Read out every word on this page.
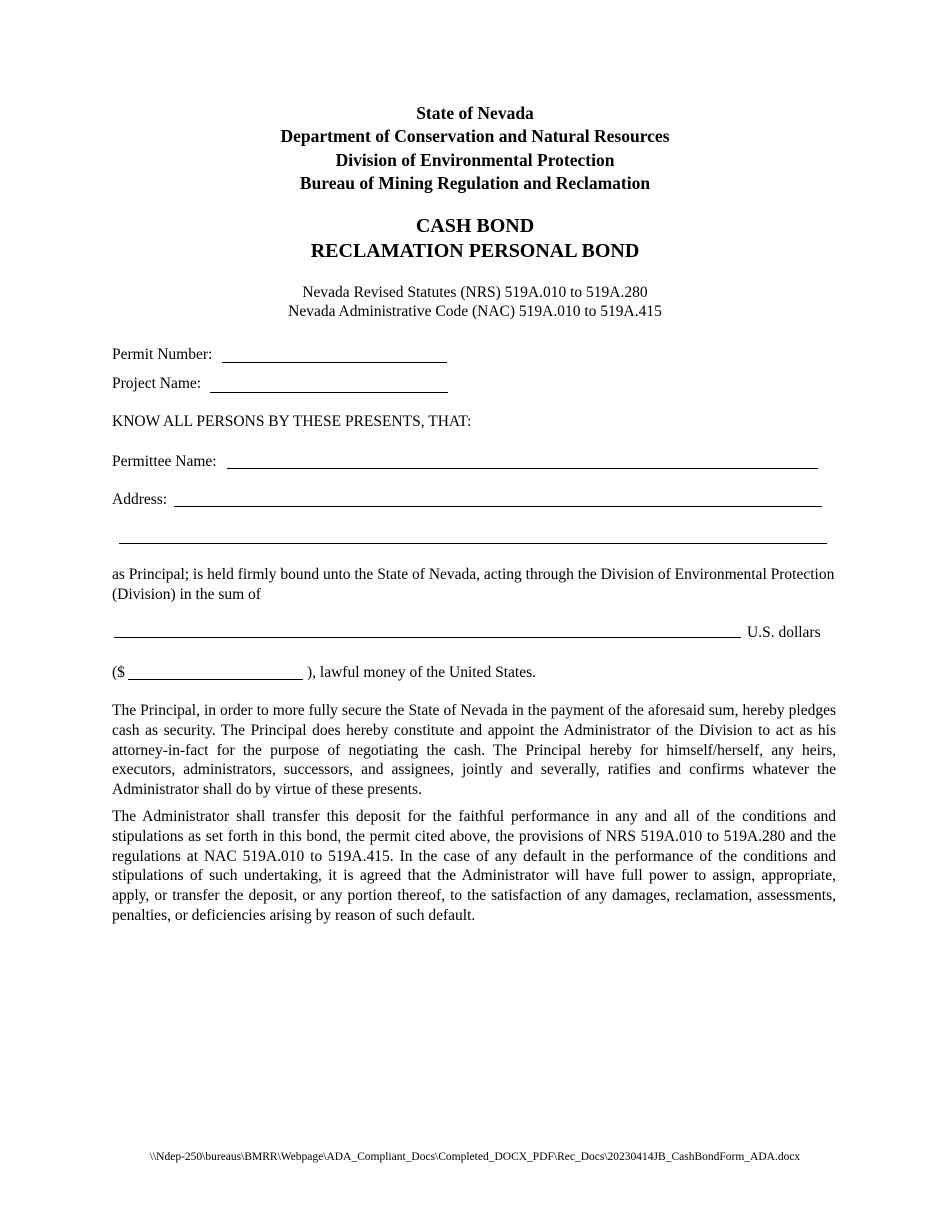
State of Nevada
Department of Conservation and Natural Resources
Division of Environmental Protection
Bureau of Mining Regulation and Reclamation
CASH BOND
RECLAMATION PERSONAL BOND
Nevada Revised Statutes (NRS) 519A.010 to 519A.280
Nevada Administrative Code (NAC) 519A.010 to 519A.415
Permit Number:
Project Name:
KNOW ALL PERSONS BY THESE PRESENTS, THAT:
Permittee Name:
Address:
as Principal; is held firmly bound unto the State of Nevada, acting through the Division of Environmental Protection (Division) in the sum of
U.S. dollars
($	), lawful money of the United States.
The Principal, in order to more fully secure the State of Nevada in the payment of the aforesaid sum, hereby pledges cash as security. The Principal does hereby constitute and appoint the Administrator of the Division to act as his attorney-in-fact for the purpose of negotiating the cash. The Principal hereby for himself/herself, any heirs, executors, administrators, successors, and assignees, jointly and severally, ratifies and confirms whatever the Administrator shall do by virtue of these presents.
The Administrator shall transfer this deposit for the faithful performance in any and all of the conditions and stipulations as set forth in this bond, the permit cited above, the provisions of NRS 519A.010 to 519A.280 and the regulations at NAC 519A.010 to 519A.415. In the case of any default in the performance of the conditions and stipulations of such undertaking, it is agreed that the Administrator will have full power to assign, appropriate, apply, or transfer the deposit, or any portion thereof, to the satisfaction of any damages, reclamation, assessments, penalties, or deficiencies arising by reason of such default.
\\Ndep-250\bureaus\BMRR\Webpage\ADA_Compliant_Docs\Completed_DOCX_PDF\Rec_Docs\20230414JB_CashBondForm_ADA.docx
